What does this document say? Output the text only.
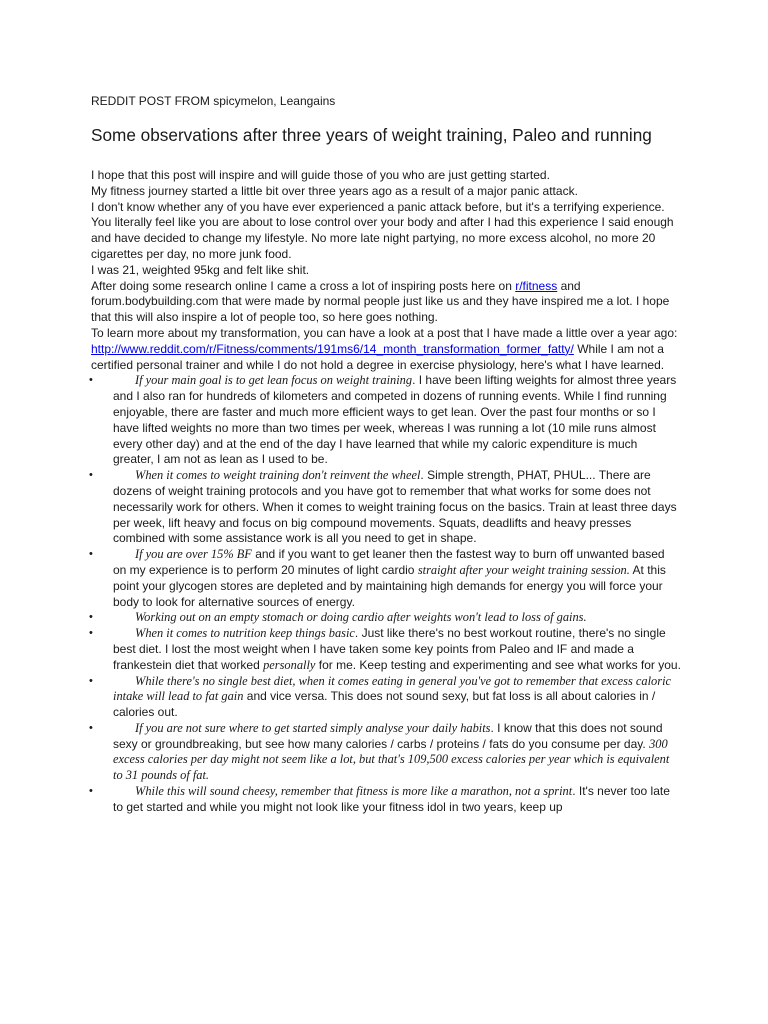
REDDIT POST FROM spicymelon, Leangains
Some observations after three years of weight training, Paleo and running

I hope that this post will inspire and will guide those of you who are just getting started.

My fitness journey started a little bit over three years ago as a result of a major panic attack.

I don't know whether any of you have ever experienced a panic attack before, but it's a terrifying experience.

You literally feel like you are about to lose control over your body and after I had this experience I said enough and have decided to change my lifestyle. No more late night partying, no more excess alcohol, no more 20 cigarettes per day, no more junk food.

I was 21, weighted 95kg and felt like shit.

After doing some research online I came a cross a lot of inspiring posts here on r/fitness and forum.bodybuilding.com that were made by normal people just like us and they have inspired me a lot. I hope that this will also inspire a lot of people too, so here goes nothing.

To learn more about my transformation, you can have a look at a post that I have made a little over a year ago: http://www.reddit.com/r/Fitness/comments/191ms6/14_month_transformation_former_fatty/ While I am not a certified personal trainer and while I do not hold a degree in exercise physiology, here's what I have learned.

•	If your main goal is to get lean focus on weight training. I have been lifting weights for almost three years and I also ran for hundreds of kilometers and competed in dozens of running events. While I find running enjoyable, there are faster and much more efficient ways to get lean. Over the past four months or so I have lifted weights no more than two times per week, whereas I was running a lot (10 mile runs almost every other day) and at the end of the day I have learned that while my caloric expenditure is much greater, I am not as lean as I used to be.
•	When it comes to weight training don't reinvent the wheel. Simple strength, PHAT, PHUL... There are dozens of weight training protocols and you have got to remember that what works for some does not necessarily work for others. When it comes to weight training focus on the basics. Train at least three days per week, lift heavy and focus on big compound movements. Squats, deadlifts and heavy presses combined with some assistance work is all you need to get in shape.
•	If you are over 15% BF and if you want to get leaner then the fastest way to burn off unwanted based on my experience is to perform 20 minutes of light cardio straight after your weight training session. At this point your glycogen stores are depleted and by maintaining high demands for energy you will force your body to look for alternative sources of energy.
•	Working out on an empty stomach or doing cardio after weights won't lead to loss of gains.
•	When it comes to nutrition keep things basic. Just like there's no best workout routine, there's no single best diet. I lost the most weight when I have taken some key points from Paleo and IF and made a frankestein diet that worked personally for me. Keep testing and experimenting and see what works for you.
•	While there's no single best diet, when it comes eating in general you've got to remember that excess caloric intake will lead to fat gain and vice versa. This does not sound sexy, but fat loss is all about calories in / calories out.
•	If you are not sure where to get started simply analyse your daily habits. I know that this does not sound sexy or groundbreaking, but see how many calories / carbs / proteins / fats do you consume per day. 300 excess calories per day might not seem like a lot, but that's 109,500 excess calories per year which is equivalent to 31 pounds of fat.
•	While this will sound cheesy, remember that fitness is more like a marathon, not a sprint. It's never too late to get started and while you might not look like your fitness idol in two years, keep up
